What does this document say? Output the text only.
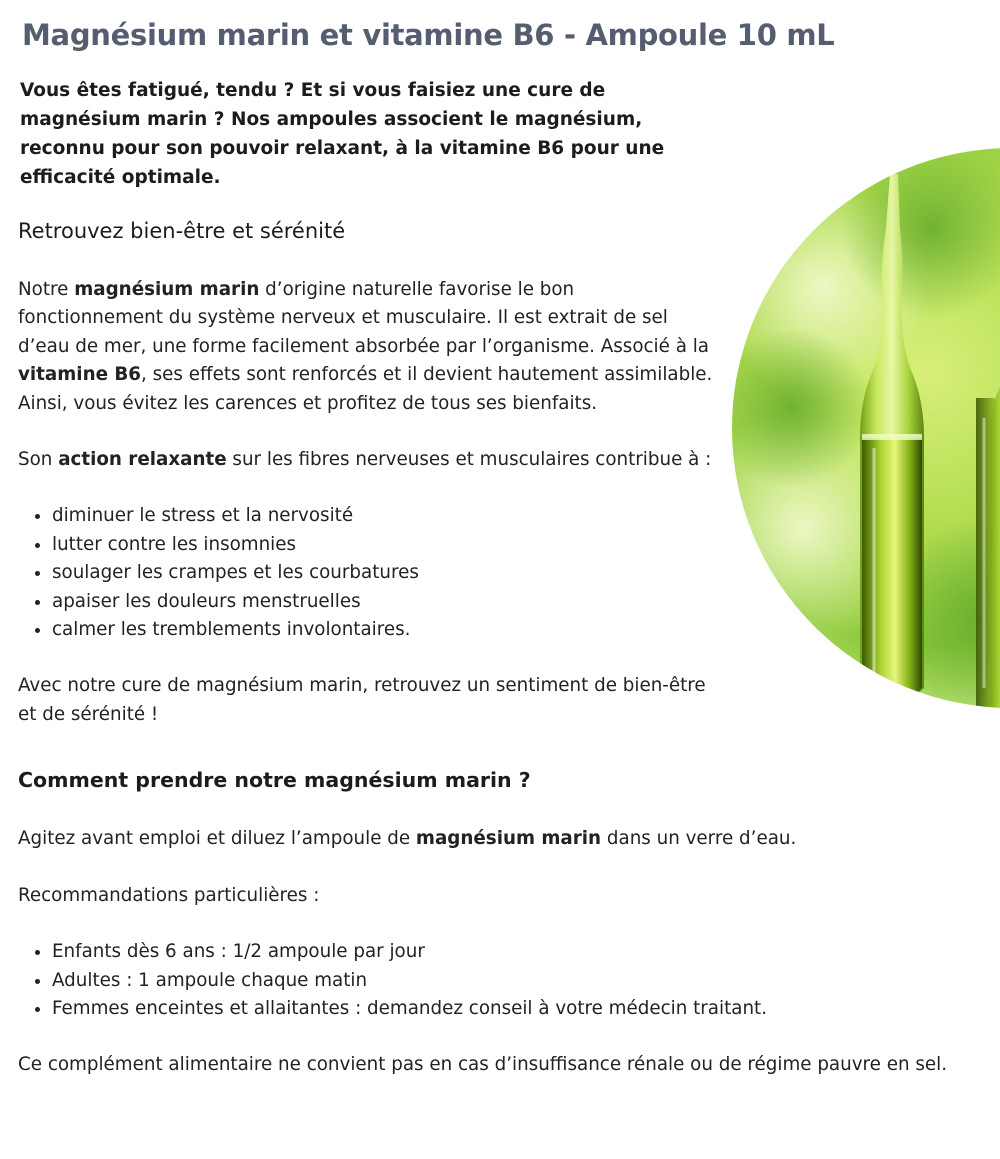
Magnésium marin et vitamine B6 - Ampoule 10 mL

Vous êtes fatigué, tendu ? Et si vous faisiez une cure de magnésium marin ? Nos ampoules associent le magnésium, reconnu pour son pouvoir relaxant, à la vitamine B6 pour une efficacité optimale.

Retrouvez bien-être et sérénité

Notre magnésium marin d’origine naturelle favorise le bon fonctionnement du système nerveux et musculaire. Il est extrait de sel d’eau de mer, une forme facilement absorbée par l’organisme. Associé à la vitamine B6, ses effets sont renforcés et il devient hautement assimilable. Ainsi, vous évitez les carences et profitez de tous ses bienfaits.

Son action relaxante sur les fibres nerveuses et musculaires contribue à :

• diminuer le stress et la nervosité
• lutter contre les insomnies
• soulager les crampes et les courbatures
• apaiser les douleurs menstruelles
• calmer les tremblements involontaires.

Avec notre cure de magnésium marin, retrouvez un sentiment de bien-être et de sérénité !

Comment prendre notre magnésium marin ?

Agitez avant emploi et diluez l’ampoule de magnésium marin dans un verre d’eau.

Recommandations particulières :

• Enfants dès 6 ans : 1/2 ampoule par jour
• Adultes : 1 ampoule chaque matin
• Femmes enceintes et allaitantes : demandez conseil à votre médecin traitant.

Ce complément alimentaire ne convient pas en cas d’insuffisance rénale ou de régime pauvre en sel.
